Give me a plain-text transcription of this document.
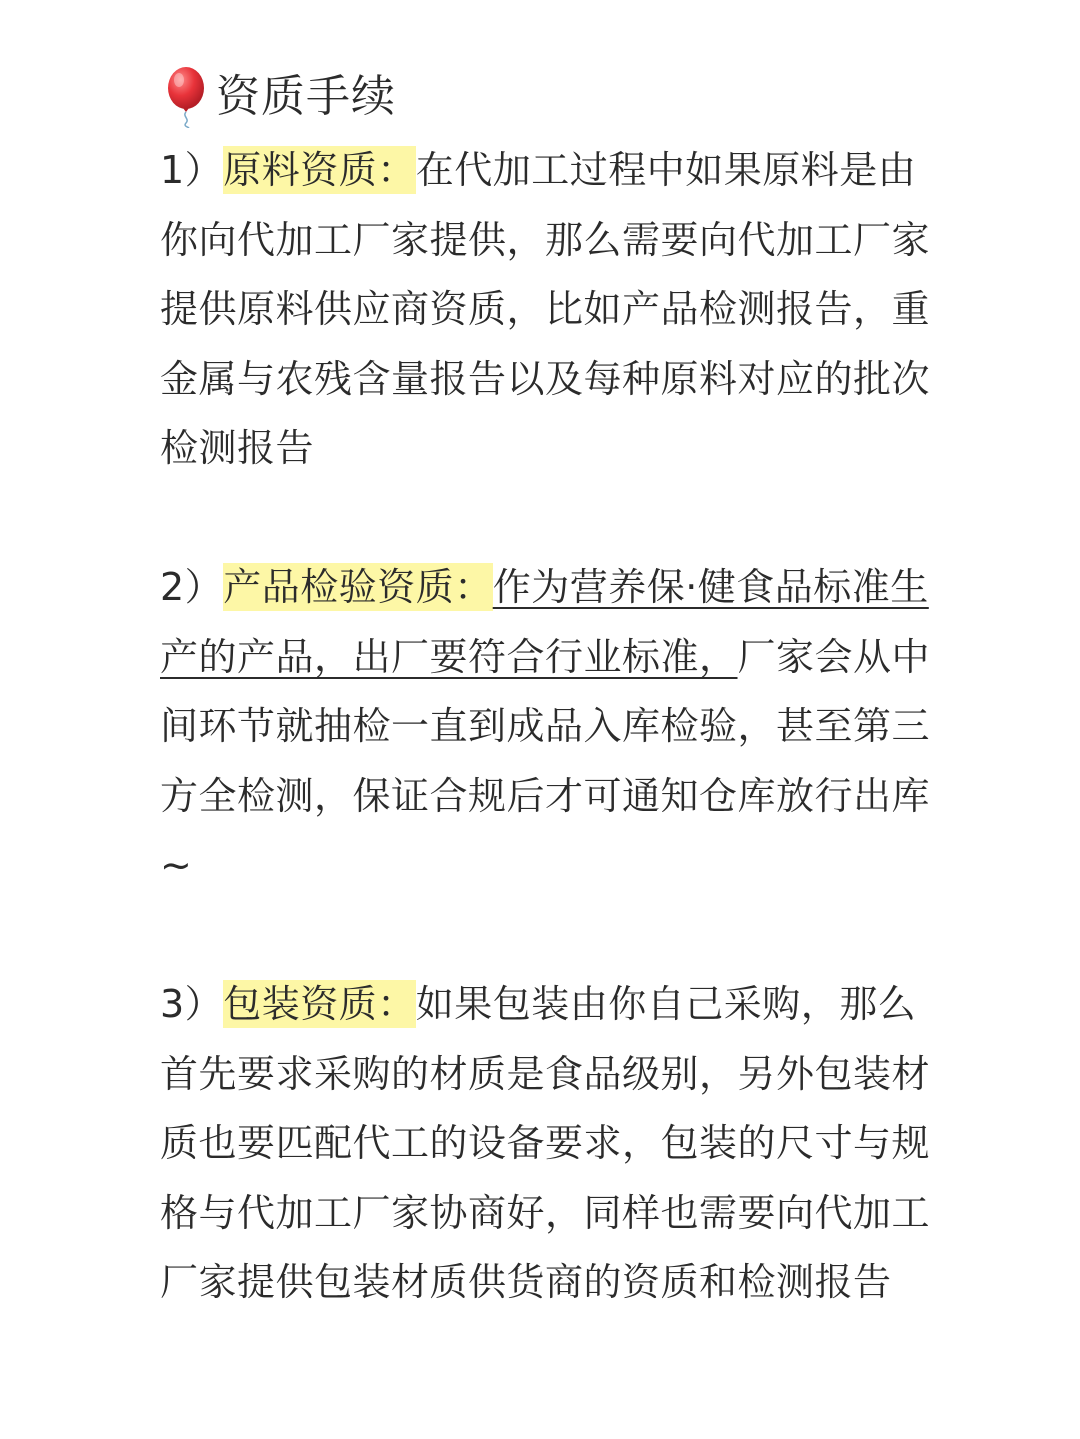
资质手续
1）原料资质：在代加工过程中如果原料是由你向代加工厂家提供，那么需要向代加工厂家提供原料供应商资质，比如产品检测报告，重金属与农残含量报告以及每种原料对应的批次检测报告
2）产品检验资质：作为营养保·健食品标准生产的产品，出厂要符合行业标准，厂家会从中间环节就抽检一直到成品入库检验，甚至第三方全检测，保证合规后才可通知仓库放行出库~
3）包装资质：如果包装由你自己采购，那么首先要求采购的材质是食品级别，另外包装材质也要匹配代工的设备要求，包装的尺寸与规格与代加工厂家协商好，同样也需要向代加工厂家提供包装材质供货商的资质和检测报告
